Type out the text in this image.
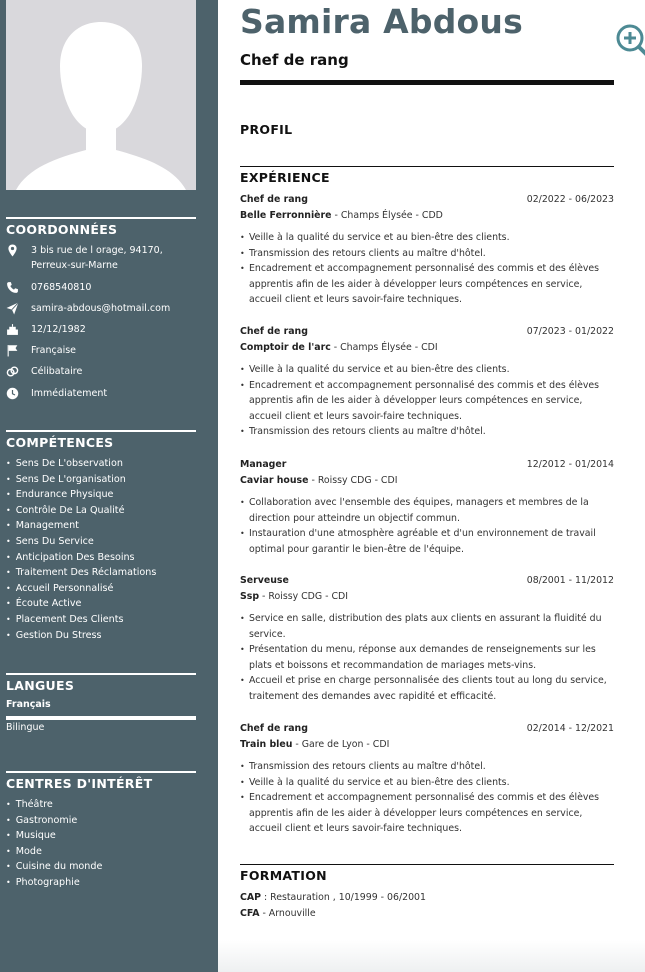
COORDONNÉES
3 bis rue de l orage, 94170, Perreux-sur-Marne
0768540810
samira-abdous@hotmail.com
12/12/1982
Française
Célibataire
Immédiatement
COMPÉTENCES
• Sens De L'observation
• Sens De L'organisation
• Endurance Physique
• Contrôle De La Qualité
• Management
• Sens Du Service
• Anticipation Des Besoins
• Traitement Des Réclamations
• Accueil Personnalisé
• Écoute Active
• Placement Des Clients
• Gestion Du Stress
LANGUES
Français
Bilingue
CENTRES D'INTÉRÊT
• Théâtre
• Gastronomie
• Musique
• Mode
• Cuisine du monde
• Photographie
Samira Abdous
Chef de rang
PROFIL
EXPÉRIENCE
Chef de rang	02/2022 - 06/2023
Belle Ferronnière - Champs Élysée - CDD
• Veille à la qualité du service et au bien-être des clients.
• Transmission des retours clients au maître d'hôtel.
• Encadrement et accompagnement personnalisé des commis et des élèves apprentis afin de les aider à développer leurs compétences en service, accueil client et leurs savoir-faire techniques.
Chef de rang	07/2023 - 01/2022
Comptoir de l'arc - Champs Élysée - CDI
• Veille à la qualité du service et au bien-être des clients.
• Encadrement et accompagnement personnalisé des commis et des élèves apprentis afin de les aider à développer leurs compétences en service, accueil client et leurs savoir-faire techniques.
• Transmission des retours clients au maître d'hôtel.
Manager	12/2012 - 01/2014
Caviar house - Roissy CDG - CDI
• Collaboration avec l'ensemble des équipes, managers et membres de la direction pour atteindre un objectif commun.
• Instauration d'une atmosphère agréable et d'un environnement de travail optimal pour garantir le bien-être de l'équipe.
Serveuse	08/2001 - 11/2012
Ssp - Roissy CDG - CDI
• Service en salle, distribution des plats aux clients en assurant la fluidité du service.
• Présentation du menu, réponse aux demandes de renseignements sur les plats et boissons et recommandation de mariages mets-vins.
• Accueil et prise en charge personnalisée des clients tout au long du service, traitement des demandes avec rapidité et efficacité.
Chef de rang	02/2014 - 12/2021
Train bleu - Gare de Lyon - CDI
• Transmission des retours clients au maître d'hôtel.
• Veille à la qualité du service et au bien-être des clients.
• Encadrement et accompagnement personnalisé des commis et des élèves apprentis afin de les aider à développer leurs compétences en service, accueil client et leurs savoir-faire techniques.
FORMATION
CAP : Restauration , 10/1999 - 06/2001
CFA - Arnouville
